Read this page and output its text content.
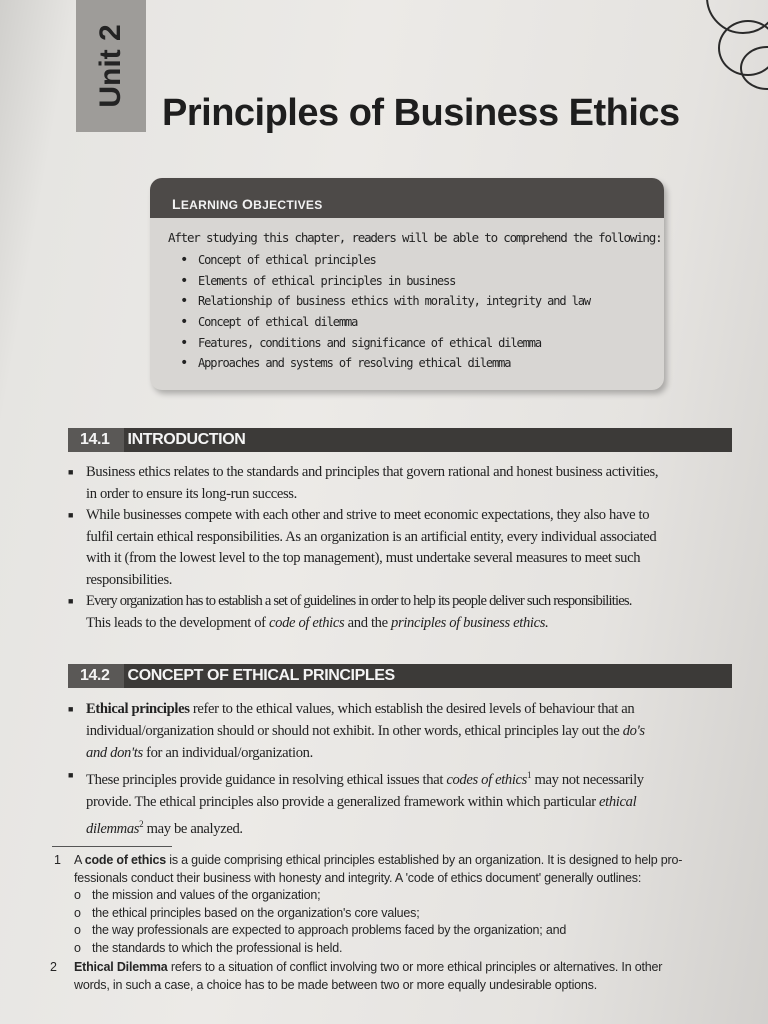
Unit 2
Principles of Business Ethics
LEARNING OBJECTIVES
After studying this chapter, readers will be able to comprehend the following:
• Concept of ethical principles
• Elements of ethical principles in business
• Relationship of business ethics with morality, integrity and law
• Concept of ethical dilemma
• Features, conditions and significance of ethical dilemma
• Approaches and systems of resolving ethical dilemma
14.1 INTRODUCTION
■ Business ethics relates to the standards and principles that govern rational and honest business activities,
in order to ensure its long-run success.
■ While businesses compete with each other and strive to meet economic expectations, they also have to
fulfil certain ethical responsibilities. As an organization is an artificial entity, every individual associated
with it (from the lowest level to the top management), must undertake several measures to meet such
responsibilities.
■ Every organization has to establish a set of guidelines in order to help its people deliver such responsibilities.
This leads to the development of code of ethics and the principles of business ethics.
14.2 CONCEPT OF ETHICAL PRINCIPLES
■ Ethical principles refer to the ethical values, which establish the desired levels of behaviour that an
individual/organization should or should not exhibit. In other words, ethical principles lay out the do's
and don'ts for an individual/organization.
■ These principles provide guidance in resolving ethical issues that codes of ethics$^1$ may not necessarily
provide. The ethical principles also provide a generalized framework within which particular ethical
dilemmas$^2$ may be analyzed.
1 A code of ethics is a guide comprising ethical principles established by an organization. It is designed to help pro-
fessionals conduct their business with honesty and integrity. A 'code of ethics document' generally outlines:
o the mission and values of the organization;
o the ethical principles based on the organization's core values;
o the way professionals are expected to approach problems faced by the organization; and
o the standards to which the professional is held.
2 Ethical Dilemma refers to a situation of conflict involving two or more ethical principles or alternatives. In other
words, in such a case, a choice has to be made between two or more equally undesirable options.
